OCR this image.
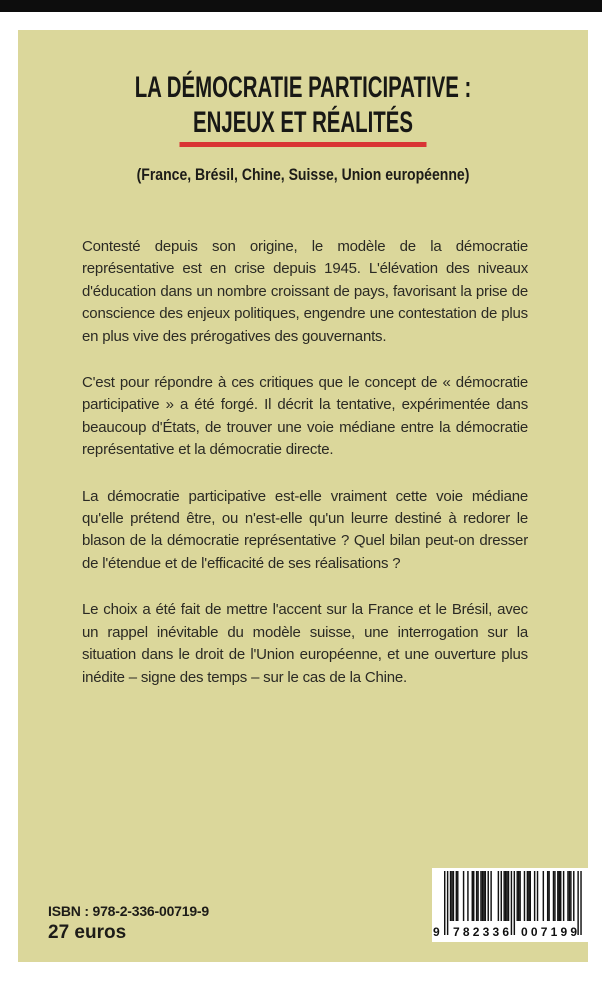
LA DÉMOCRATIE PARTICIPATIVE :
ENJEUX ET RÉALITÉS
(France, Brésil, Chine, Suisse, Union européenne)

Contesté depuis son origine, le modèle de la démocratie représentative est en crise depuis 1945. L'élévation des niveaux d'éducation dans un nombre croissant de pays, favorisant la prise de conscience des enjeux politiques, engendre une contestation de plus en plus vive des prérogatives des gouvernants.

C'est pour répondre à ces critiques que le concept de « démocratie participative » a été forgé. Il décrit la tentative, expérimentée dans beaucoup d'États, de trouver une voie médiane entre la démocratie représentative et la démocratie directe.

La démocratie participative est-elle vraiment cette voie médiane qu'elle prétend être, ou n'est-elle qu'un leurre destiné à redorer le blason de la démocratie représentative ? Quel bilan peut-on dresser de l'étendue et de l'efficacité de ses réalisations ?

Le choix a été fait de mettre l'accent sur la France et le Brésil, avec un rappel inévitable du modèle suisse, une interrogation sur la situation dans le droit de l'Union européenne, et une ouverture plus inédite – signe des temps – sur le cas de la Chine.

ISBN : 978-2-336-00719-9
27 euros	9 782336 007199
